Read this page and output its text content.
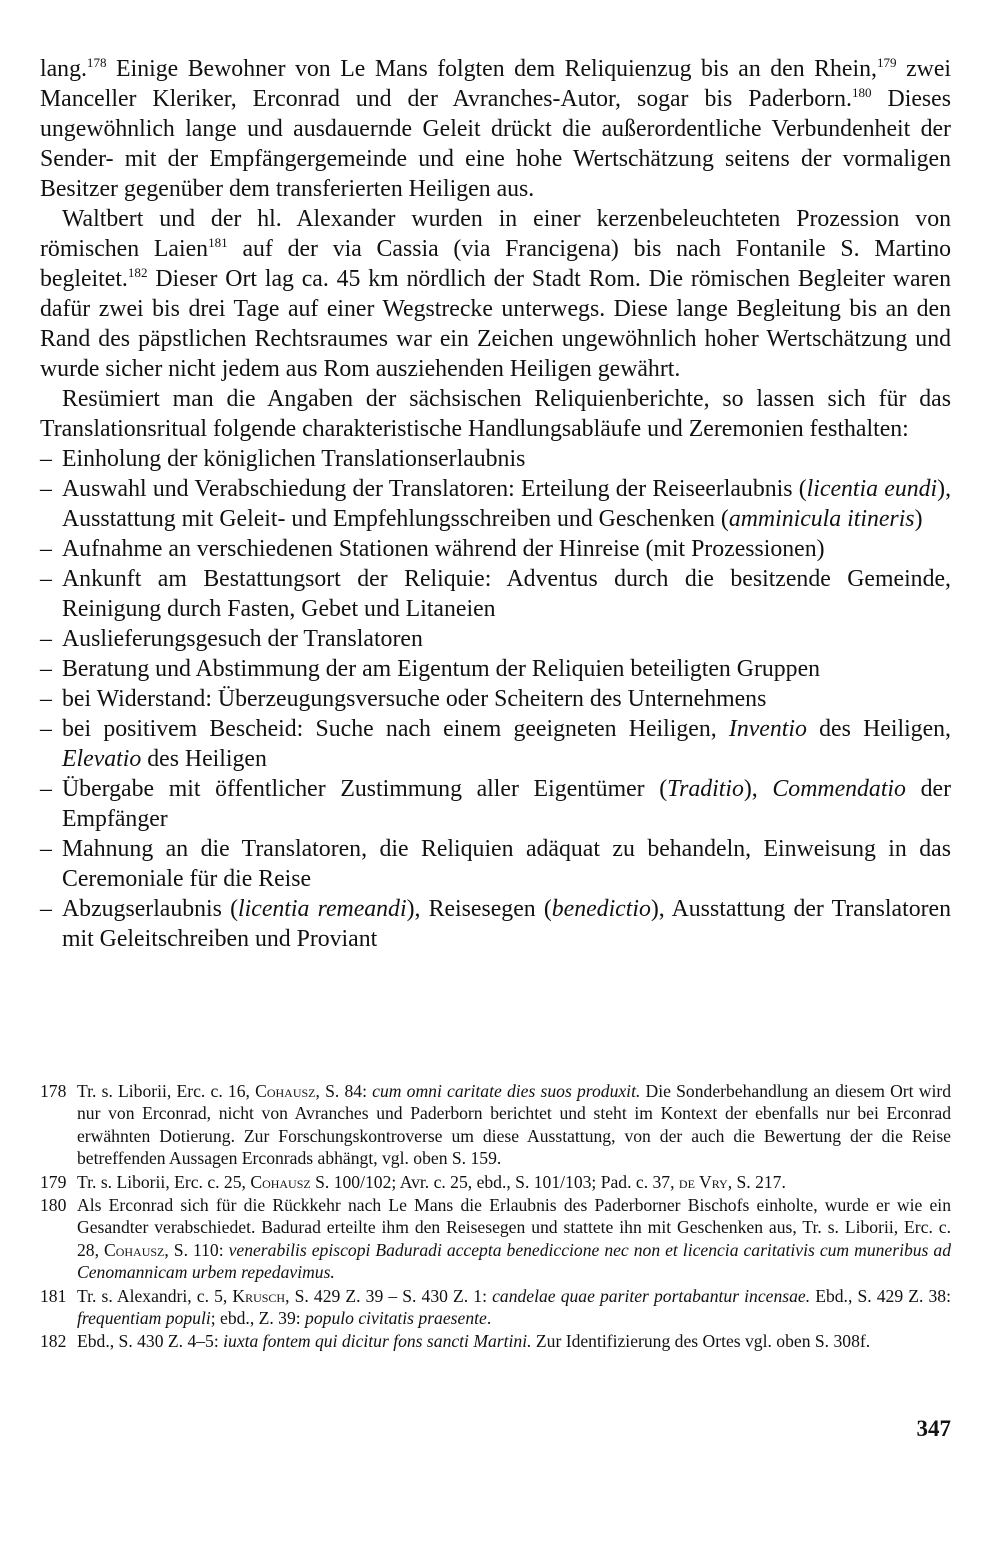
lang.$^{178}$ Einige Bewohner von Le Mans folgten dem Reliquienzug bis an den Rhein,$^{179}$ zwei Manceller Kleriker, Erconrad und der Avranches-Autor, sogar bis Paderborn.$^{180}$ Dieses ungewöhnlich lange und ausdauernde Geleit drückt die außerordentliche Verbundenheit der Sender- mit der Empfängergemeinde und eine hohe Wertschätzung seitens der vormaligen Besitzer gegenüber dem transferierten Heiligen aus.

Waltbert und der hl. Alexander wurden in einer kerzenbeleuchteten Prozession von römischen Laien$^{181}$ auf der via Cassia (via Francigena) bis nach Fontanile S. Martino begleitet.$^{182}$ Dieser Ort lag ca. 45 km nördlich der Stadt Rom. Die römischen Begleiter waren dafür zwei bis drei Tage auf einer Wegstrecke unterwegs. Diese lange Begleitung bis an den Rand des päpstlichen Rechtsraumes war ein Zeichen ungewöhnlich hoher Wertschätzung und wurde sicher nicht jedem aus Rom ausziehenden Heiligen gewährt.

Resümiert man die Angaben der sächsischen Reliquienberichte, so lassen sich für das Translationsritual folgende charakteristische Handlungsabläufe und Zeremonien festhalten:

– Einholung der königlichen Translationserlaubnis
– Auswahl und Verabschiedung der Translatoren: Erteilung der Reiseerlaubnis (licentia eundi), Ausstattung mit Geleit- und Empfehlungsschreiben und Geschenken (amminicula itineris)
– Aufnahme an verschiedenen Stationen während der Hinreise (mit Prozessionen)
– Ankunft am Bestattungsort der Reliquie: Adventus durch die besitzende Gemeinde, Reinigung durch Fasten, Gebet und Litaneien
– Auslieferungsgesuch der Translatoren
– Beratung und Abstimmung der am Eigentum der Reliquien beteiligten Gruppen
– bei Widerstand: Überzeugungsversuche oder Scheitern des Unternehmens
– bei positivem Bescheid: Suche nach einem geeigneten Heiligen, Inventio des Heiligen, Elevatio des Heiligen
– Übergabe mit öffentlicher Zustimmung aller Eigentümer (Traditio), Commendatio der Empfänger
– Mahnung an die Translatoren, die Reliquien adäquat zu behandeln, Einweisung in das Ceremoniale für die Reise
– Abzugserlaubnis (licentia remeandi), Reisesegen (benedictio), Ausstattung der Translatoren mit Geleitschreiben und Proviant
178 Tr. s. Liborii, Erc. c. 16, Cohausz, S. 84: cum omni caritate dies suos produxit. Die Sonderbehandlung an diesem Ort wird nur von Erconrad, nicht von Avranches und Paderborn berichtet und steht im Kontext der ebenfalls nur bei Erconrad erwähnten Dotierung. Zur Forschungskontroverse um diese Ausstattung, von der auch die Bewertung der die Reise betreffenden Aussagen Erconrads abhängt, vgl. oben S. 159.
179 Tr. s. Liborii, Erc. c. 25, Cohausz S. 100/102; Avr. c. 25, ebd., S. 101/103; Pad. c. 37, de Vry, S. 217.
180 Als Erconrad sich für die Rückkehr nach Le Mans die Erlaubnis des Paderborner Bischofs einholte, wurde er wie ein Gesandter verabschiedet. Badurad erteilte ihm den Reisesegen und stattete ihn mit Geschenken aus, Tr. s. Liborii, Erc. c. 28, Cohausz, S. 110: venerabilis episcopi Baduradi accepta benediccione nec non et licencia caritativis cum muneribus ad Cenomannicam urbem repedavimus.
181 Tr. s. Alexandri, c. 5, Krusch, S. 429 Z. 39 – S. 430 Z. 1: candelae quae pariter portabantur incensae. Ebd., S. 429 Z. 38: frequentiam populi; ebd., Z. 39: populo civitatis praesente.
182 Ebd., S. 430 Z. 4–5: iuxta fontem qui dicitur fons sancti Martini. Zur Identifizierung des Ortes vgl. oben S. 308f.
347
